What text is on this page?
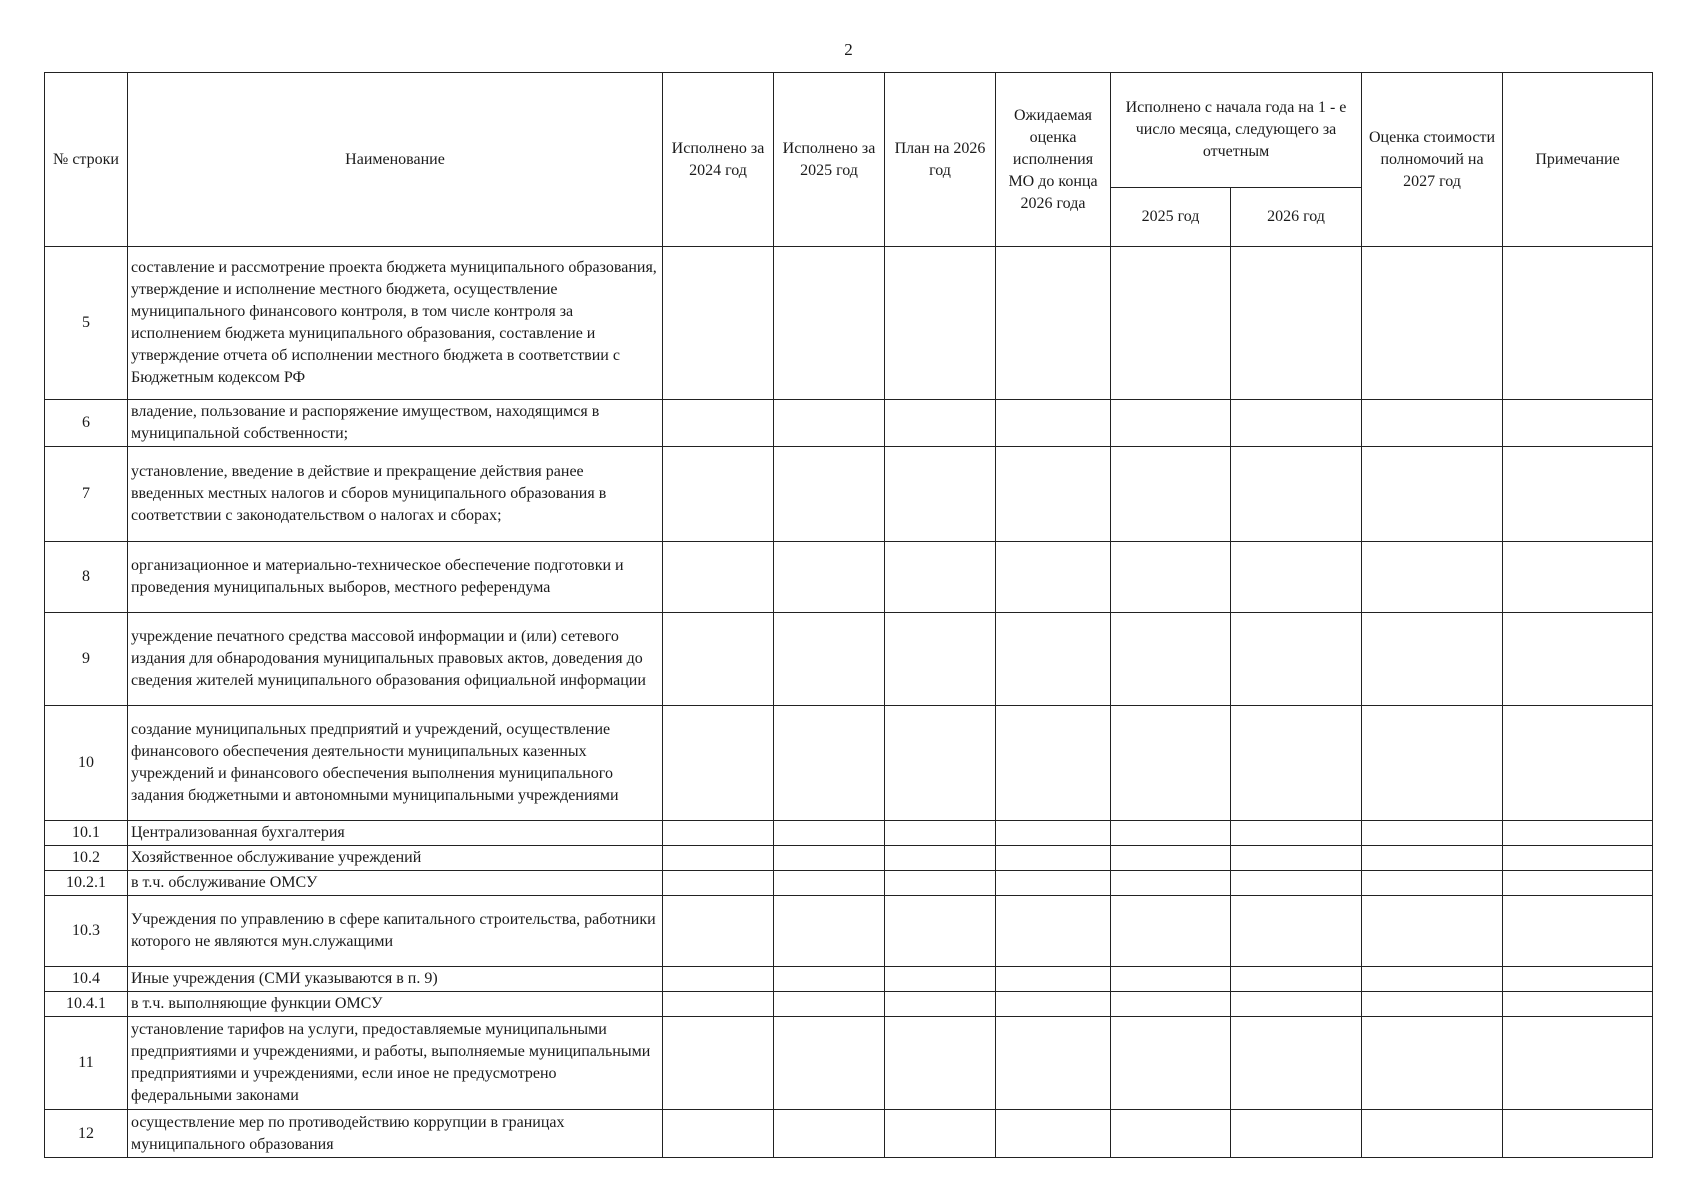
2
№ строки	Наименование	Исполнено за 2024 год	Исполнено за 2025 год	План на 2026 год	Ожидаемая оценка исполнения МО до конца 2026 года	Исполнено с начала года на 1 - е число месяца, следующего за отчетным		Оценка стоимости полномочий на 2027 год	Примечание
						2025 год	2026 год		
5	составление и рассмотрение проекта бюджета муниципального образования, утверждение и исполнение местного бюджета, осуществление муниципального финансового контроля, в том числе контроля за исполнением бюджета муниципального образования, составление и утверждение отчета об исполнении местного бюджета в соответствии с Бюджетным кодексом РФ								
6	владение, пользование и распоряжение имуществом, находящимся в муниципальной собственности;								
7	установление, введение в действие и прекращение действия ранее введенных местных налогов и сборов муниципального образования в соответствии с законодательством о налогах и сборах;								
8	организационное и материально-техническое обеспечение подготовки и проведения муниципальных выборов, местного референдума								
9	учреждение печатного средства массовой информации и (или) сетевого издания для обнародования муниципальных правовых актов, доведения до сведения жителей муниципального образования официальной информации								
10	создание муниципальных предприятий и учреждений, осуществление финансового обеспечения деятельности муниципальных казенных учреждений и финансового обеспечения выполнения муниципального задания бюджетными и автономными муниципальными учреждениями								
10.1	Централизованная бухгалтерия								
10.2	Хозяйственное обслуживание учреждений								
10.2.1	в т.ч. обслуживание ОМСУ								
10.3	Учреждения по управлению в сфере капитального строительства, работники которого не являются мун.служащими								
10.4	Иные учреждения (СМИ указываются в п. 9)								
10.4.1	в т.ч. выполняющие функции ОМСУ								
11	установление тарифов на услуги, предоставляемые муниципальными предприятиями и учреждениями, и работы, выполняемые муниципальными предприятиями и учреждениями, если иное не предусмотрено федеральными законами								
12	осуществление мер по противодействию коррупции в границах муниципального образования								
